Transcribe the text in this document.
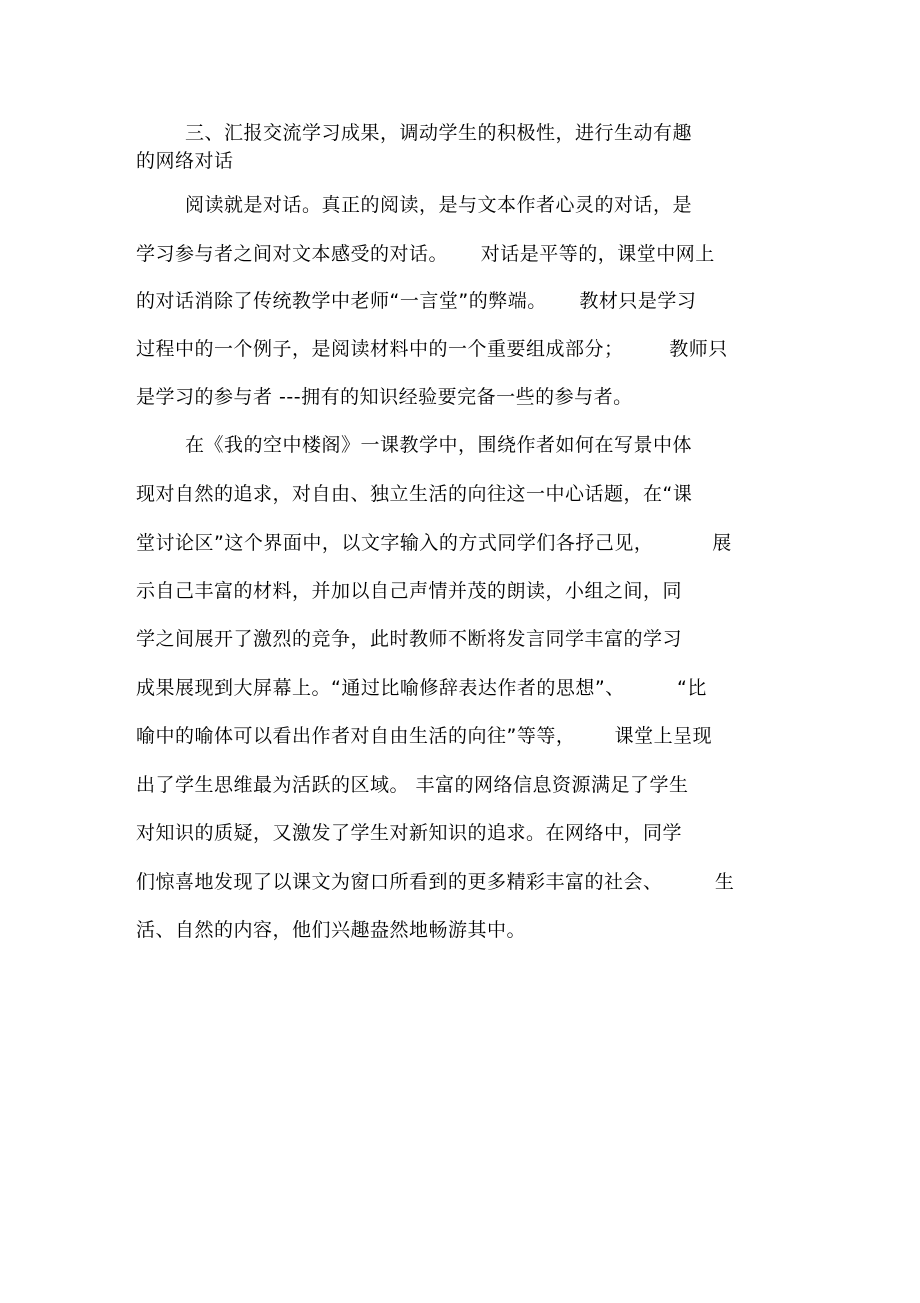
三、汇报交流学习成果，调动学生的积极性，进行生动有趣
的网络对话
阅读就是对话。真正的阅读，是与文本作者心灵的对话，是
学习参与者之间对文本感受的对话。     对话是平等的，课堂中网上
的对话消除了传统教学中老师“一言堂”的弊端。     教材只是学习
过程中的一个例子，是阅读材料中的一个重要组成部分；       教师只
是学习的参与者 ---拥有的知识经验要完备一些的参与者。
在《我的空中楼阁》一课教学中，围绕作者如何在写景中体
现对自然的追求，对自由、独立生活的向往这一中心话题，在“课
堂讨论区”这个界面中，以文字输入的方式同学们各抒己见，         展
示自己丰富的材料，并加以自己声情并茂的朗读，小组之间，同
学之间展开了激烈的竞争，此时教师不断将发言同学丰富的学习
成果展现到大屏幕上。“通过比喻修辞表达作者的思想”、        “比
喻中的喻体可以看出作者对自由生活的向往”等等，      课堂上呈现
出了学生思维最为活跃的区域。 丰富的网络信息资源满足了学生
对知识的质疑，又激发了学生对新知识的追求。在网络中，同学
们惊喜地发现了以课文为窗口所看到的更多精彩丰富的社会、        生
活、自然的内容，他们兴趣盎然地畅游其中。
